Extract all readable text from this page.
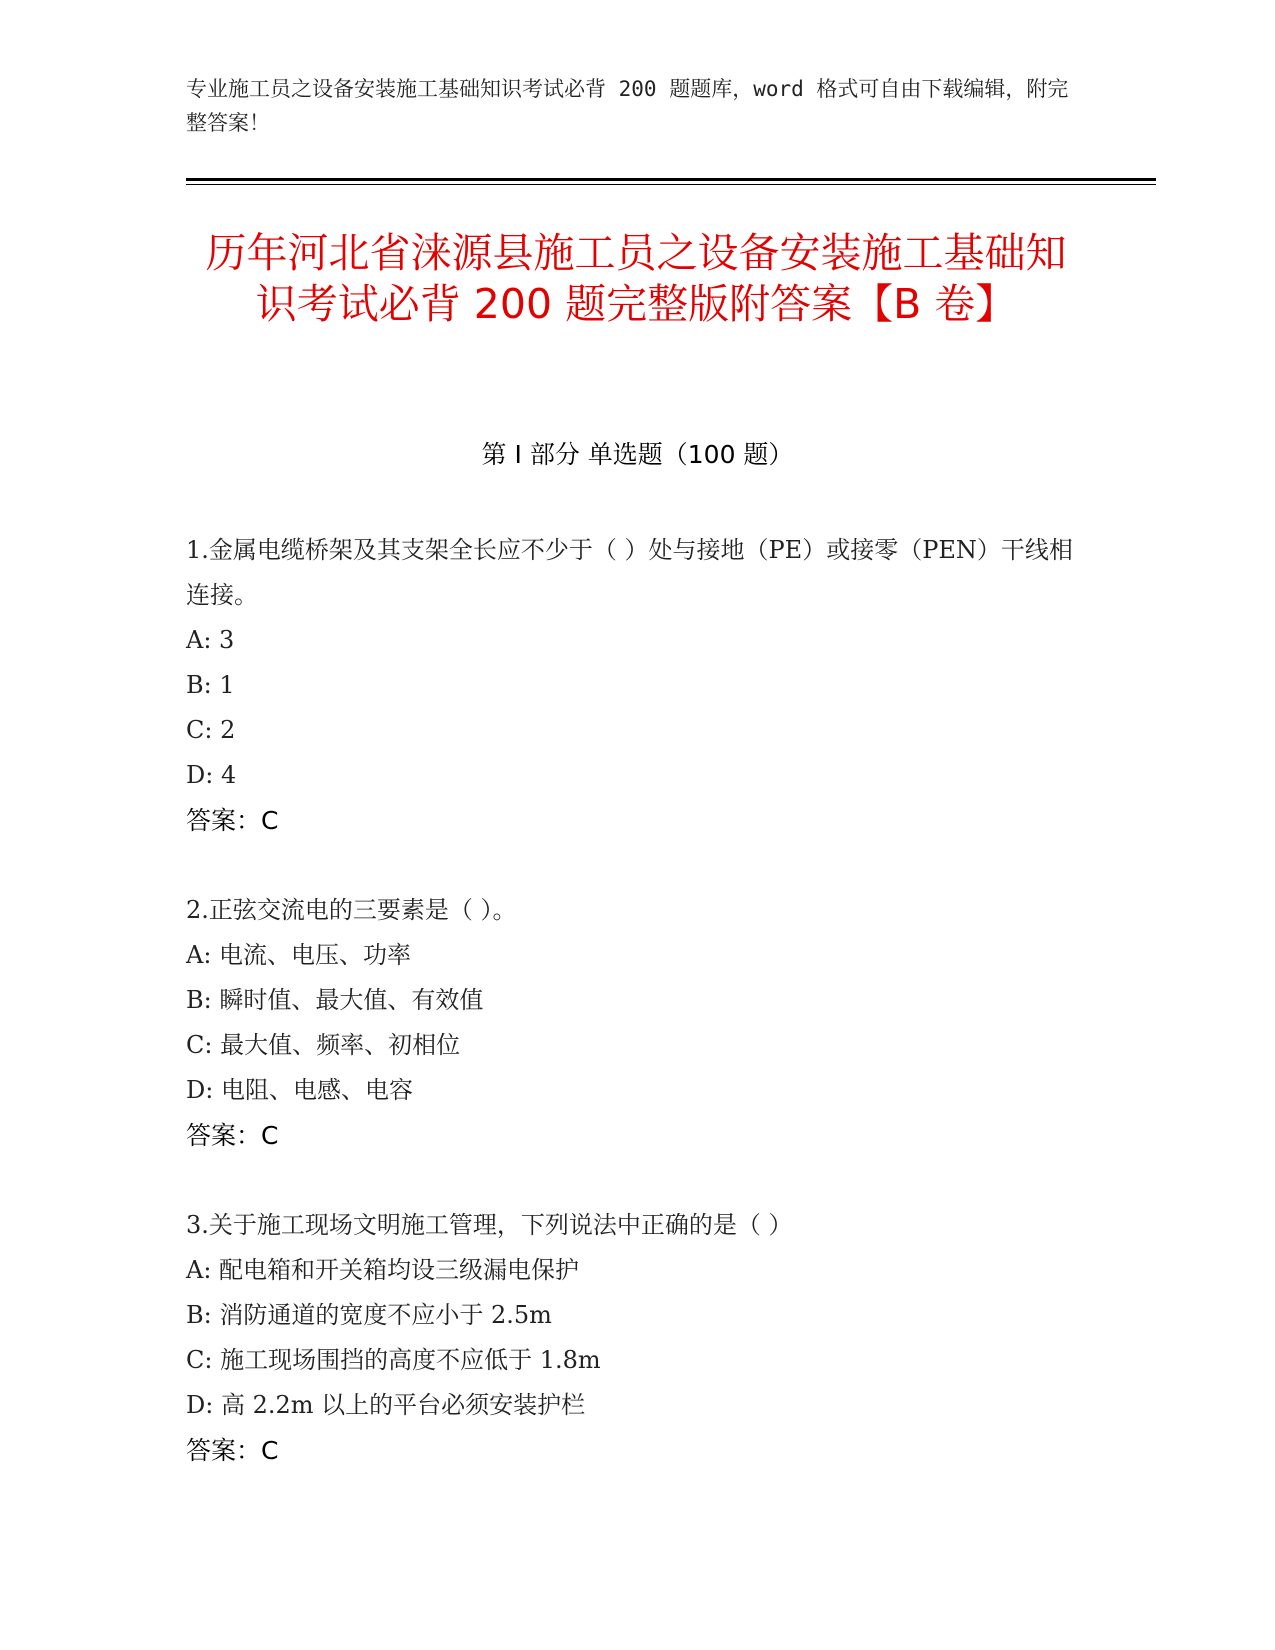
专业施工员之设备安装施工基础知识考试必背 200 题题库，word 格式可自由下载编辑，附完整答案！

历年河北省涞源县施工员之设备安装施工基础知识考试必背 200 题完整版附答案【B 卷】
第 I 部分 单选题（100 题）

1.金属电缆桥架及其支架全长应不少于（ ）处与接地（PE）或接零（PEN）干线相连接。

A: 3

B: 1

C: 2

D: 4

答案：C

2.正弦交流电的三要素是（ ）。

A: 电流、电压、功率

B: 瞬时值、最大值、有效值

C: 最大值、频率、初相位

D: 电阻、电感、电容

答案：C

3.关于施工现场文明施工管理，下列说法中正确的是（ ）

A: 配电箱和开关箱均设三级漏电保护

B: 消防通道的宽度不应小于 2.5m

C: 施工现场围挡的高度不应低于 1.8m

D: 高 2.2m 以上的平台必须安装护栏

答案：C
